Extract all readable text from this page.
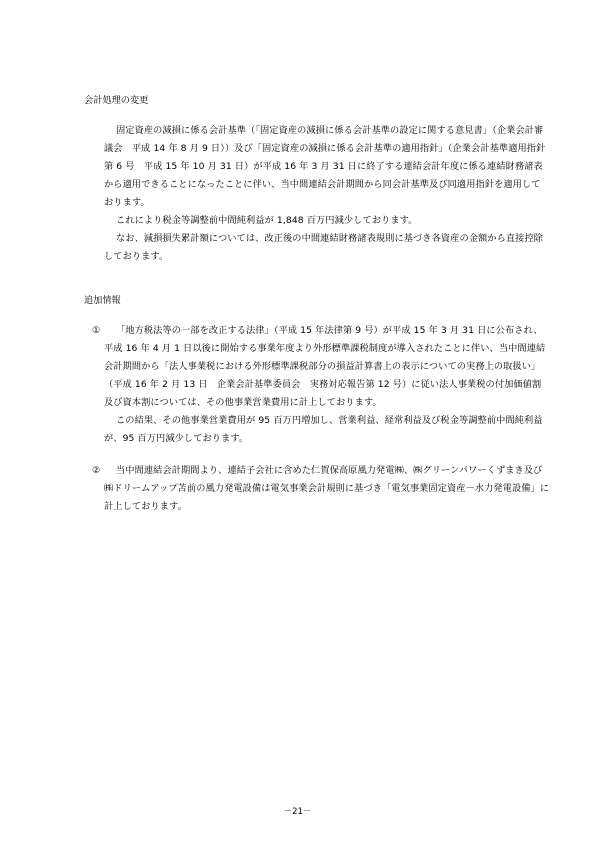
会計処理の変更

固定資産の減損に係る会計基準（「固定資産の減損に係る会計基準の設定に関する意見書」（企業会計審議会　平成 14 年 8 月 9 日））及び「固定資産の減損に係る会計基準の適用指針」（企業会計基準適用指針第 6 号　平成 15 年 10 月 31 日）が平成 16 年 3 月 31 日に終了する連結会計年度に係る連結財務諸表から適用できることになったことに伴い、当中間連結会計期間から同会計基準及び同適用指針を適用しております。

これにより税金等調整前中間純利益が 1,848 百万円減少しております。

なお、減損損失累計額については、改正後の中間連結財務諸表規則に基づき各資産の金額から直接控除しております。

追加情報
①	「地方税法等の一部を改正する法律」（平成 15 年法律第 9 号）が平成 15 年 3 月 31 日に公布され、平成 16 年 4 月 1 日以後に開始する事業年度より外形標準課税制度が導入されたことに伴い、当中間連結会計期間から「法人事業税における外形標準課税部分の損益計算書上の表示についての実務上の取扱い」（平成 16 年 2 月 13 日　企業会計基準委員会　実務対応報告第 12 号）に従い法人事業税の付加価値割及び資本割については、その他事業営業費用に計上しております。

この結果、その他事業営業費用が 95 百万円増加し、営業利益、経常利益及び税金等調整前中間純利益が、95 百万円減少しております。

②	当中間連結会計期間より、連結子会社に含めた仁賀保高原風力発電㈱、㈱グリーンパワーくずまき及び㈱ドリームアップ苫前の風力発電設備は電気事業会計規則に基づき「電気事業固定資産－水力発電設備」に計上しております。

－21－
